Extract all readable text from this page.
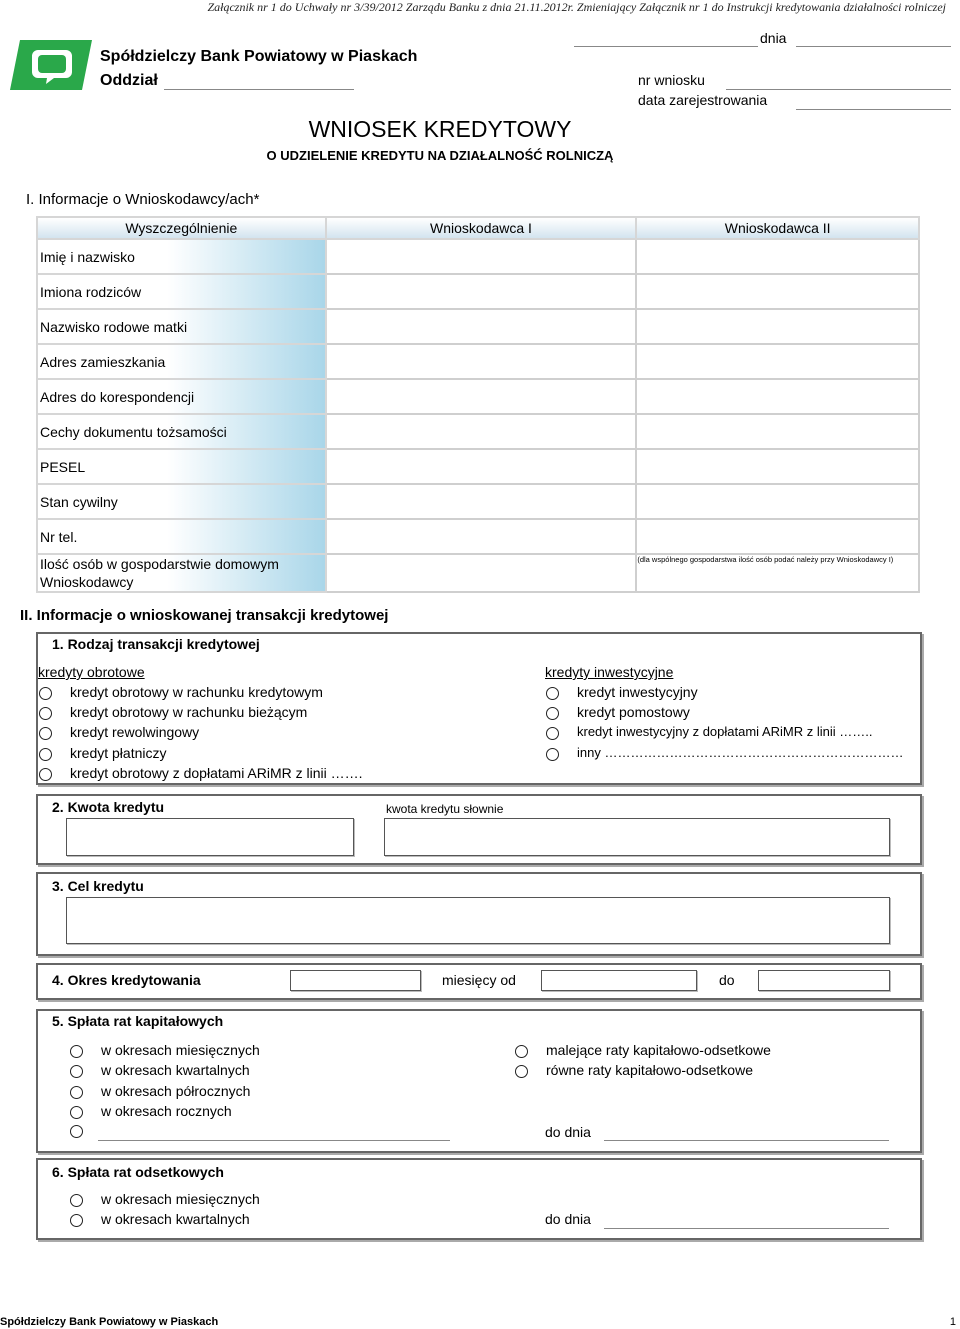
Załącznik nr 1 do Uchwały nr 3/39/2012 Zarządu Banku z dnia 21.11.2012r. Zmieniający Załącznik nr 1 do Instrukcji kredytowania działalności rolniczej
Spółdzielczy Bank Powiatowy w Piaskach
Oddział
dnia
nr wniosku
data zarejestrowania
WNIOSEK KREDYTOWY
O UDZIELENIE KREDYTU NA DZIAŁALNOŚĆ ROLNICZĄ
I. Informacje o Wnioskodawcy/ach*
Wyszczególnienie	Wnioskodawca I	Wnioskodawca II
Imię i nazwisko		
Imiona rodziców		
Nazwisko rodowe matki		
Adres zamieszkania		
Adres do korespondencji		
Cechy dokumentu tożsamości		
PESEL		
Stan cywilny		
Nr tel.		
Ilość osób w gospodarstwie domowym Wnioskodawcy		(dla wspólnego gospodarstwa ilość osób podać należy przy Wnioskodawcy I)
II. Informacje o wnioskowanej transakcji kredytowej
1. Rodzaj transakcji kredytowej
kredyty obrotowe	kredyty inwestycyjne
kredyt obrotowy w rachunku kredytowym
kredyt obrotowy w rachunku bieżącym
kredyt rewolwingowy
kredyt płatniczy
kredyt obrotowy z dopłatami ARiMR z linii …….
kredyt inwestycyjny
kredyt pomostowy
kredyt inwestycyjny z dopłatami ARiMR z linii ……..
inny ……………………………………………………………
2. Kwota kredytu	kwota kredytu słownie
3. Cel kredytu
4. Okres kredytowania	miesięcy od	do
5. Spłata rat kapitałowych
w okresach miesięcznych
w okresach kwartalnych
w okresach półrocznych
w okresach rocznych
malejące raty kapitałowo-odsetkowe
równe raty kapitałowo-odsetkowe
do dnia
6. Spłata rat odsetkowych
w okresach miesięcznych
w okresach kwartalnych	do dnia
Spółdzielczy Bank Powiatowy w Piaskach	1
